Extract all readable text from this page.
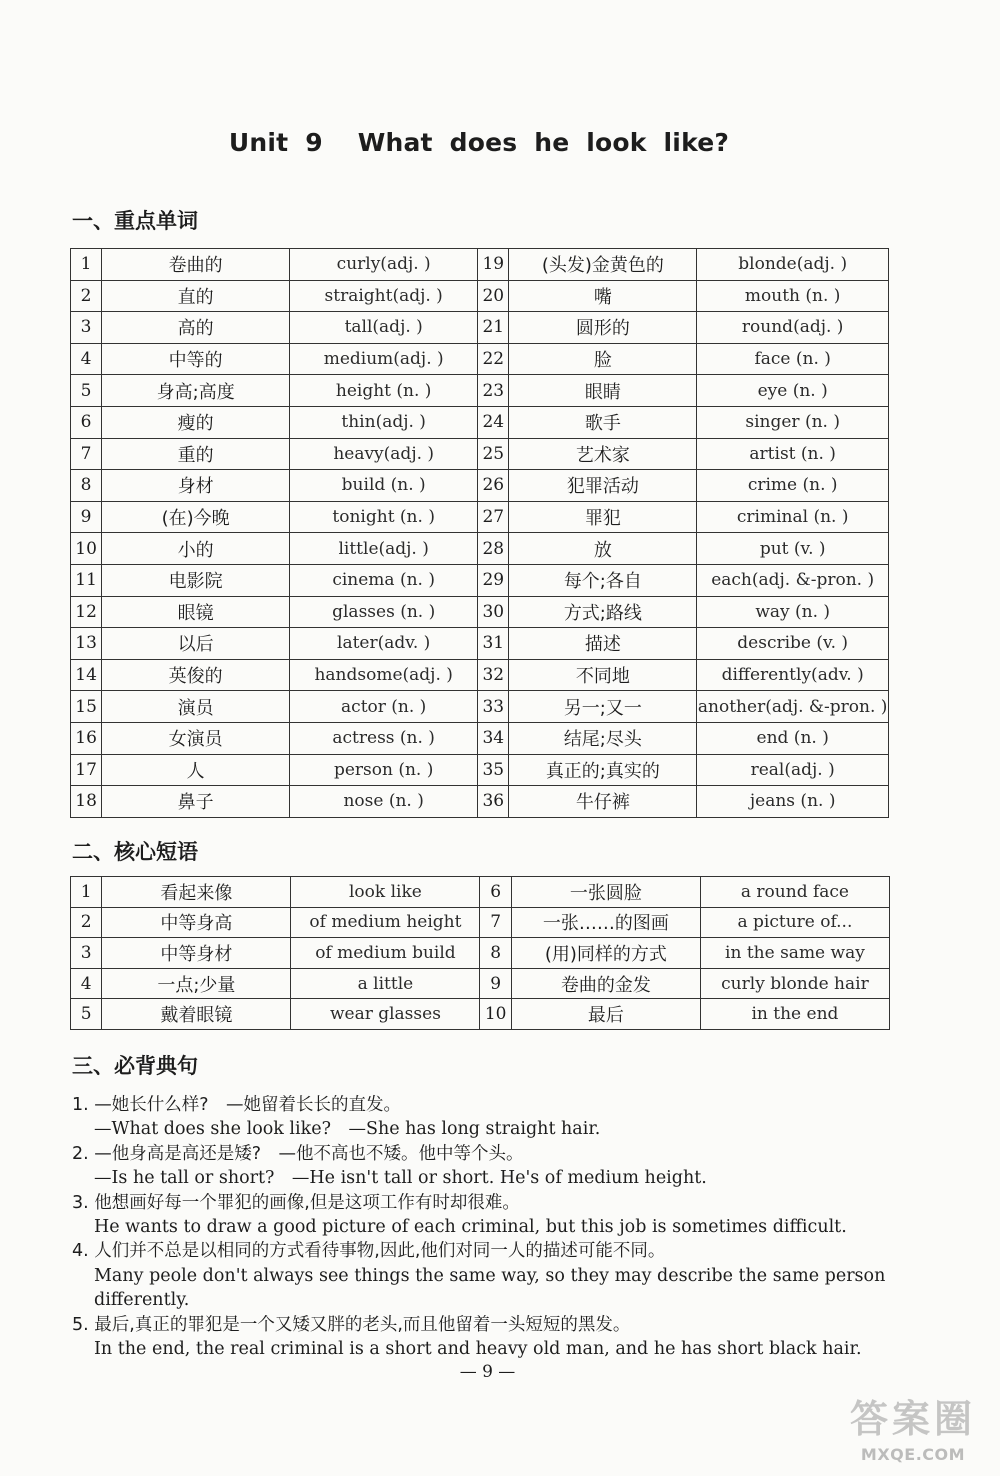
Unit 9 What does he look like?
一、重点单词
1	卷曲的	curly(adj. )	19	(头发)金黄色的	blonde(adj. )
2	直的	straight(adj. )	20	嘴	mouth (n. )
3	高的	tall(adj. )	21	圆形的	round(adj. )
4	中等的	medium(adj. )	22	脸	face (n. )
5	身高;高度	height (n. )	23	眼睛	eye (n. )
6	瘦的	thin(adj. )	24	歌手	singer (n. )
7	重的	heavy(adj. )	25	艺术家	artist (n. )
8	身材	build (n. )	26	犯罪活动	crime (n. )
9	(在)今晚	tonight (n. )	27	罪犯	criminal (n. )
10	小的	little(adj. )	28	放	put (v. )
11	电影院	cinema (n. )	29	每个;各自	each(adj. &-pron. )
12	眼镜	glasses (n. )	30	方式;路线	way (n. )
13	以后	later(adv. )	31	描述	describe (v. )
14	英俊的	handsome(adj. )	32	不同地	differently(adv. )
15	演员	actor (n. )	33	另一;又一	another(adj. &-pron. )
16	女演员	actress (n. )	34	结尾;尽头	end (n. )
17	人	person (n. )	35	真正的;真实的	real(adj. )
18	鼻子	nose (n. )	36	牛仔裤	jeans (n. )
二、核心短语
1	看起来像	look like	6	一张圆脸	a round face
2	中等身高	of medium height	7	一张……的图画	a picture of...
3	中等身材	of medium build	8	(用)同样的方式	in the same way
4	一点;少量	a little	9	卷曲的金发	curly blonde hair
5	戴着眼镜	wear glasses	10	最后	in the end
三、必背典句
1. —她长什么样?　—她留着长长的直发。
—What does she look like?　—She has long straight hair.
2. —他身高是高还是矮?　—他不高也不矮。他中等个头。
—Is he tall or short?　—He isn't tall or short. He's of medium height.
3. 他想画好每一个罪犯的画像,但是这项工作有时却很难。
He wants to draw a good picture of each criminal, but this job is sometimes difficult.
4. 人们并不总是以相同的方式看待事物,因此,他们对同一人的描述可能不同。
Many peole don't always see things the same way, so they may describe the same person differently.
5. 最后,真正的罪犯是一个又矮又胖的老头,而且他留着一头短短的黑发。
In the end, the real criminal is a short and heavy old man, and he has short black hair.
— 9 —
答案圈
MXQE.COM
